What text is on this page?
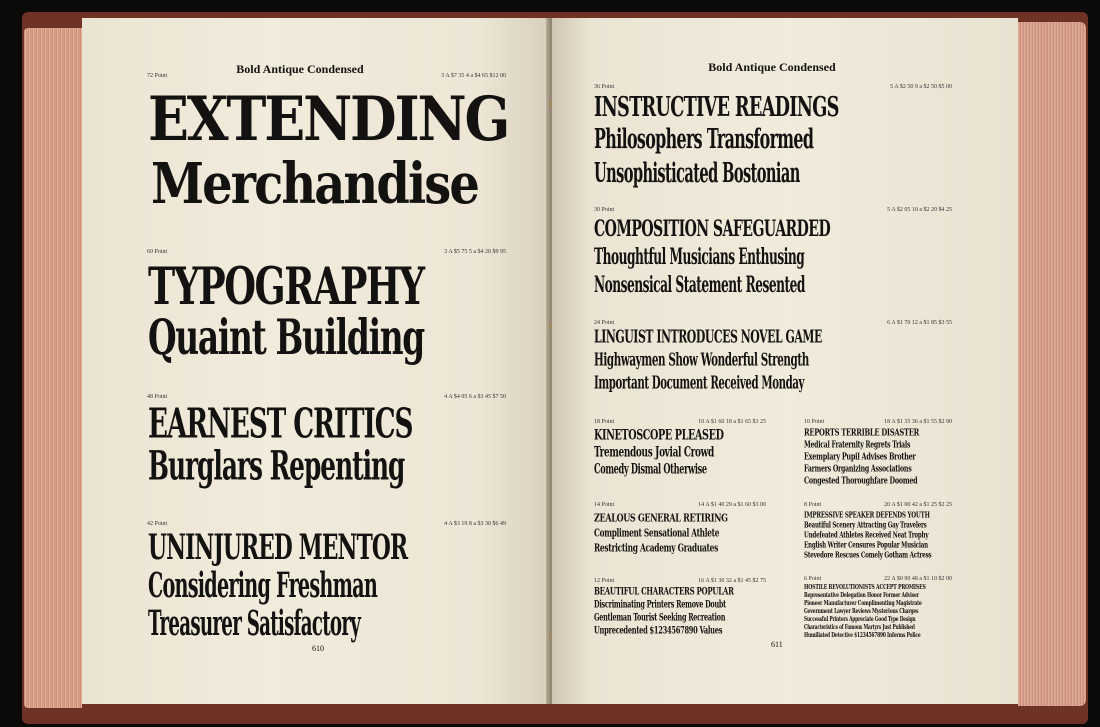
Bold Antique Condensed
72 Point	3 A $7 35 4 a $4 65 $12 00
EXTENDING
Merchandise
60 Point	3 A $5 75 5 a $4 20 $9 95
TYPOGRAPHY
Quaint Building
48 Point	4 A $4 05 6 a $3 45 $7 50
EARNEST CRITICS
Burglars Repenting
42 Point	4 A $3 19 8 a $3 30 $6 49
UNINJURED MENTOR
Considering Freshman
Treasurer Satisfactory
610
Bold Antique Condensed
36 Point	5 A $2 50 9 a $2 50 $5 00
INSTRUCTIVE READINGS
Philosophers Transformed
Unsophisticated Bostonian
30 Point	5 A $2 05 10 a $2 20 $4 25
COMPOSITION SAFEGUARDED
Thoughtful Musicians Enthusing
Nonsensical Statement Resented
24 Point	6 A $1 70 12 a $1 85 $3 55
LINGUIST INTRODUCES NOVEL GAME
Highwaymen Show Wonderful Strength
Important Document Received Monday
18 Point	10 A $1 60 18 a $1 65 $3 25
KINETOSCOPE PLEASED
Tremendous Jovial Crowd
Comedy Dismal Otherwise
10 Point	18 A $1 35 36 a $1 55 $2 90
REPORTS TERRIBLE DISASTER
Medical Fraternity Regrets Trials
Exemplary Pupil Advises Brother
Farmers Organizing Associations
Congested Thoroughfare Doomed
14 Point	14 A $1 40 29 a $1 60 $3 00
ZEALOUS GENERAL RETIRING
Compliment Sensational Athlete
Restricting Academy Graduates
8 Point	20 A $1 00 42 a $1 25 $2 25
IMPRESSIVE SPEAKER DEFENDS YOUTH
Beautiful Scenery Attracting Gay Travelers
Undefeated Athletes Received Neat Trophy
English Writer Censures Popular Musician
Stevedore Rescues Comely Gotham Actress
12 Point	16 A $1 30 32 a $1 45 $2 75
BEAUTIFUL CHARACTERS POPULAR
Discriminating Printers Remove Doubt
Gentleman Tourist Seeking Recreation
Unprecedented $1234567890 Values
6 Point	22 A $0 90 48 a $1 10 $2 00
HOSTILE REVOLUTIONISTS ACCEPT PROMISES
Representative Delegation Honor Former Adviser
Pioneer Manufacturer Complimenting Magistrate
Government Lawyer Reviews Mysterious Charges
Successful Printers Appreciate Good Type Design
Characteristics of Famous Martyrs Just Published
Humiliated Detective $1234567890 Informs Police
611
